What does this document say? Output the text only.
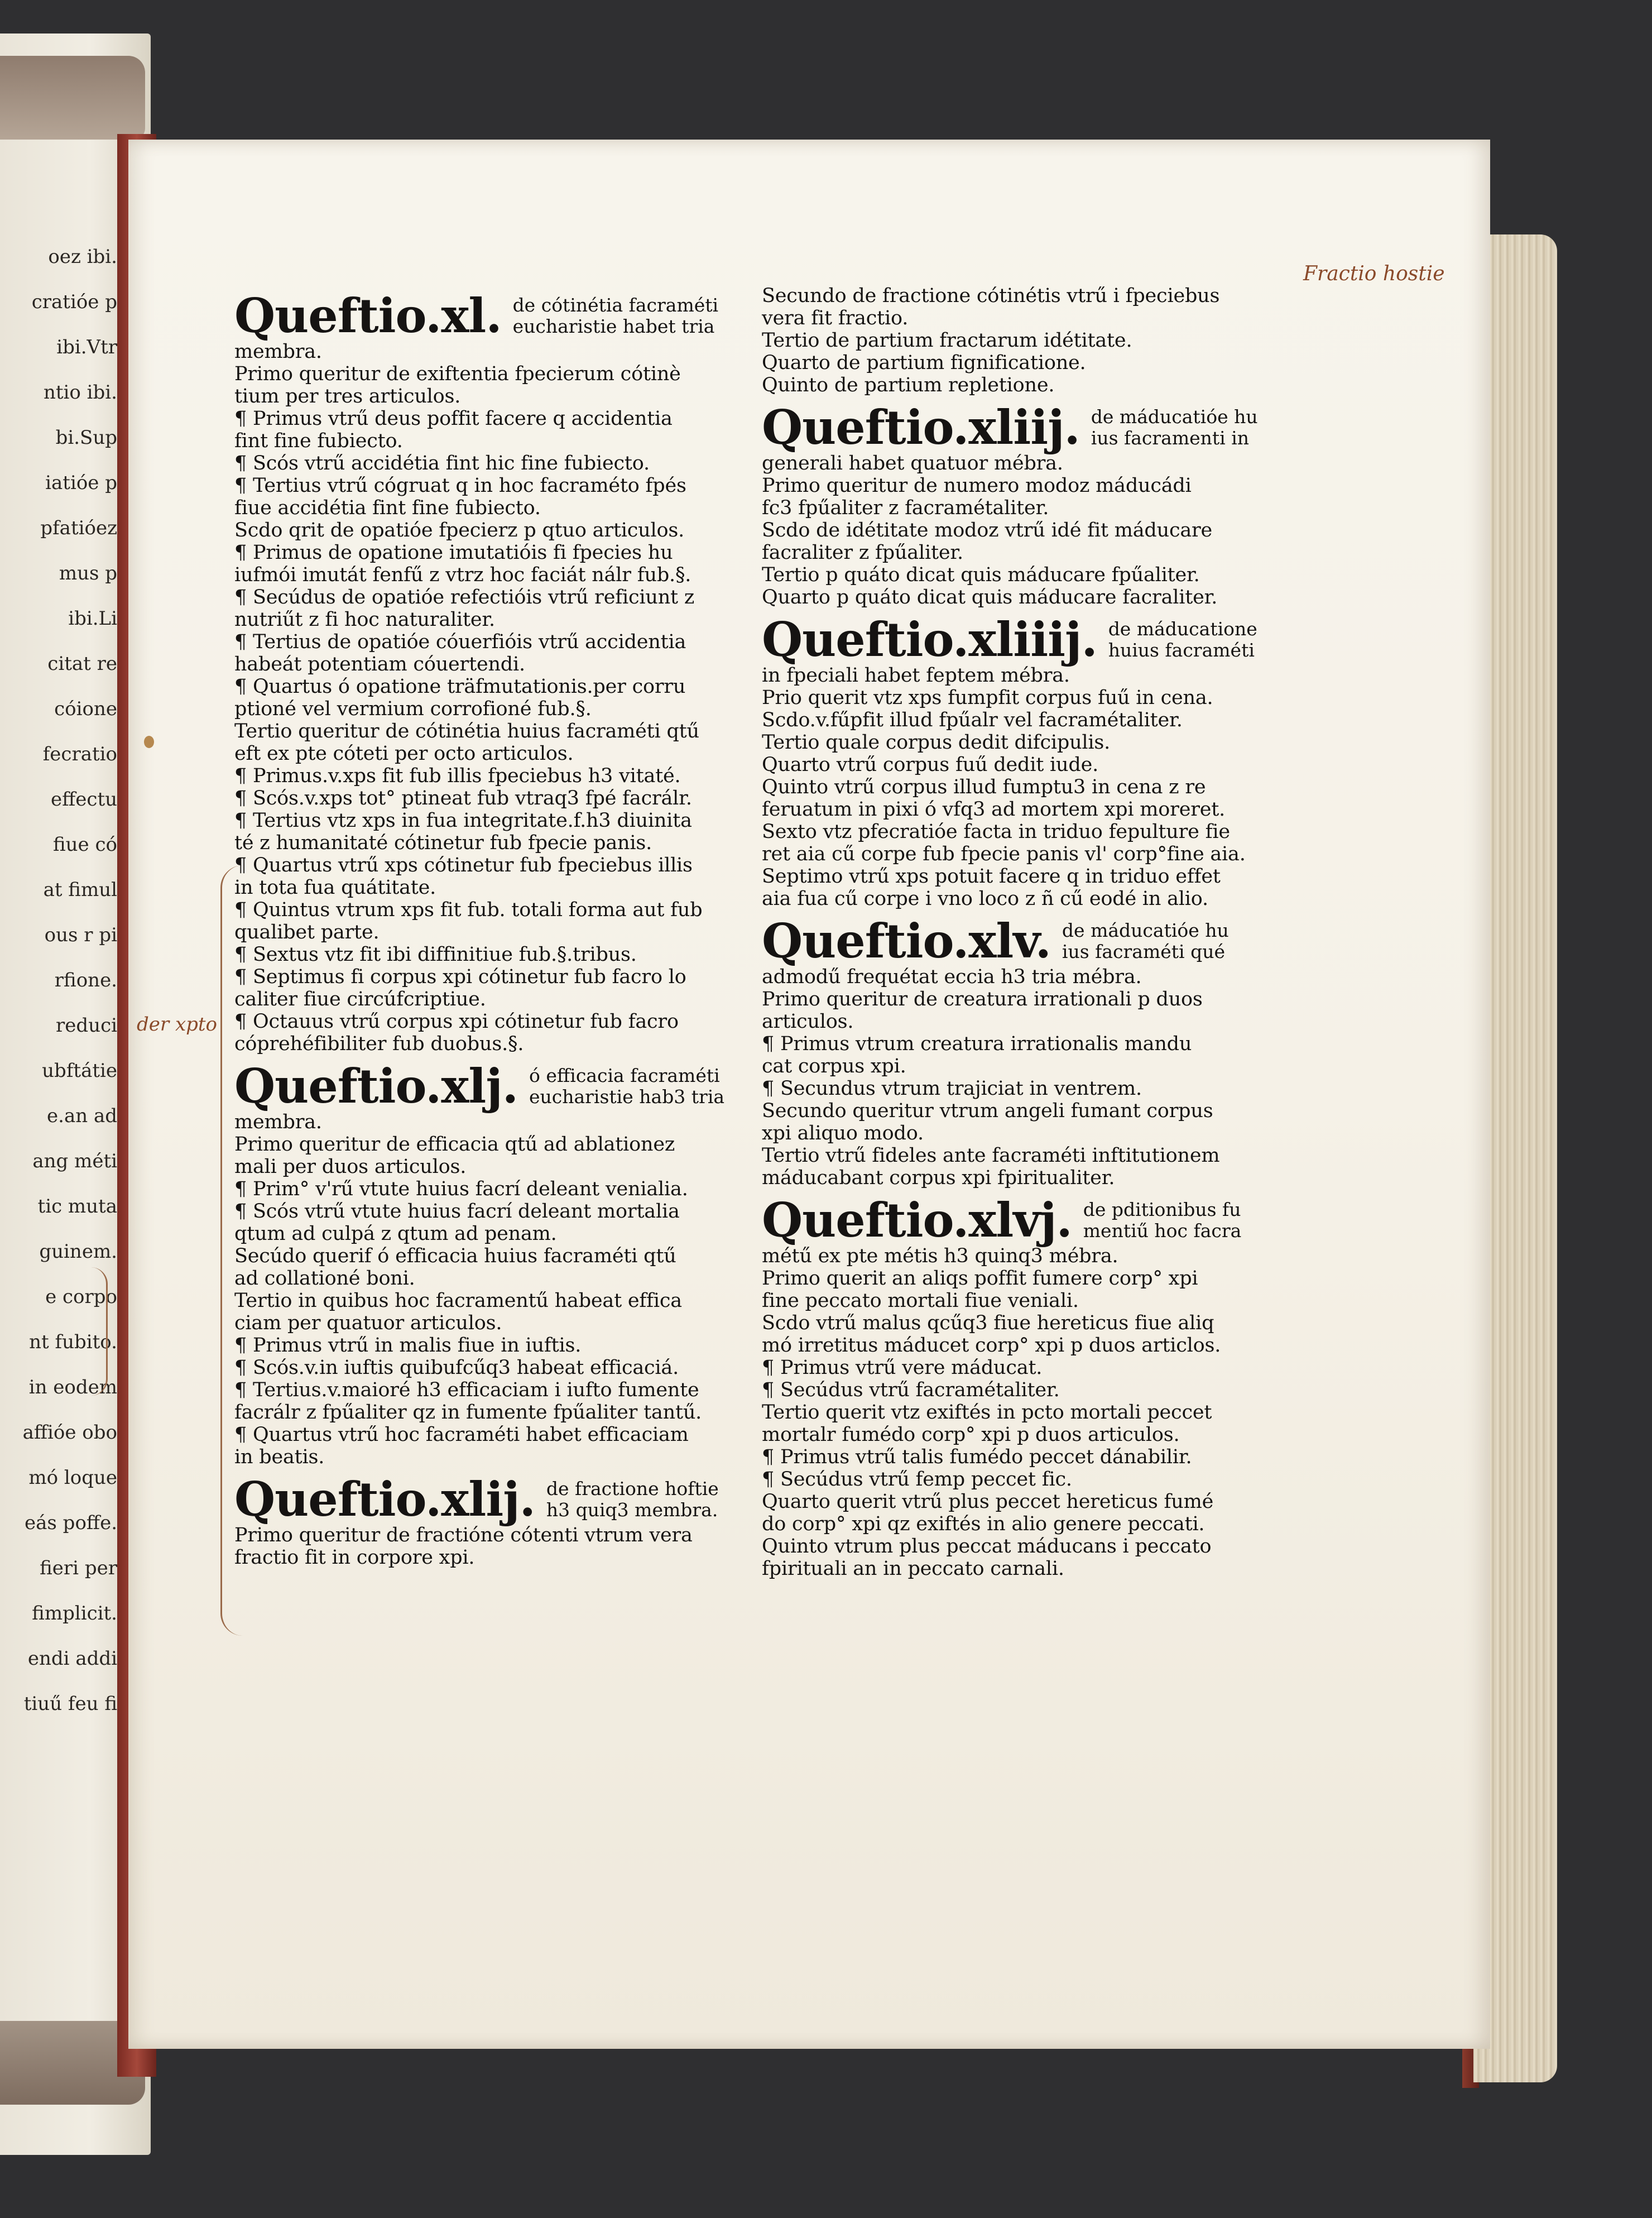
oez ibi.
cratióe p
ibi.Vtr
ntio ibi.
bi.Sup
iatióe p
pfatióez
mus p
ibi.Li
citat re
cóione
fecratio
effectu
fiue có
at fimul
ous r pi
rfione.
reduci
ubftátie
e.an ad
ang méti
tic muta
guinem.
e corpo
nt fubito.
in eodem
affióe obo
mó loque
eás poffe.
fieri per
fimplicit.
endi addi
tiuű feu fi
Fractio hostie
der xpto
Queftio.xl. de cótinétia facraméti
eucharistie habet tria
membra.
Primo queritur de exiftentia fpecierum cótinè
tium per tres articulos.
¶ Primus vtrű deus poffit facere q accidentia
fint fine fubiecto.
¶ Scós vtrű accidétia fint hic fine fubiecto.
¶ Tertius vtrű cógruat q in hoc facraméto fpés
fiue accidétia fint fine fubiecto.
Scdo qrit de opatióe fpecierz p qtuo articulos.
¶ Primus de opatione imutatióis fi fpecies hu
iufmói imutát fenfű z vtrz hoc faciát nálr fub.§.
¶ Secúdus de opatióe refectióis vtrű reficiunt z
nutriűt z fi hoc naturaliter.
¶ Tertius de opatióe cóuerfióis vtrű accidentia
habeát potentiam cóuertendi.
¶ Quartus ó opatione träfmutationis.per corru
ptioné vel vermium corrofioné fub.§.
Tertio queritur de cótinétia huius facraméti qtű
eft ex pte cóteti per octo articulos.
¶ Primus.v.xps fit fub illis fpeciebus h3 vitaté.
¶ Scós.v.xps tot° ptineat fub vtraq3 fpé facrálr.
¶ Tertius vtz xps in fua integritate.f.h3 diuinita
té z humanitaté cótinetur fub fpecie panis.
¶ Quartus vtrű xps cótinetur fub fpeciebus illis
in tota fua quátitate.
¶ Quintus vtrum xps fit fub. totali forma aut fub
qualibet parte.
¶ Sextus vtz fit ibi diffinitiue fub.§.tribus.
¶ Septimus fi corpus xpi cótinetur fub facro lo
caliter fiue circúfcriptiue.
¶ Octauus vtrű corpus xpi cótinetur fub facro
cóprehéfibiliter fub duobus.§.
Queftio.xlj. ó efficacia facraméti
eucharistie hab3 tria
membra.
Primo queritur de efficacia qtű ad ablationez
mali per duos articulos.
¶ Prim° v'rű vtute huius facrí deleant venialia.
¶ Scós vtrű vtute huius facrí deleant mortalia
qtum ad culpá z qtum ad penam.
Secúdo querif ó efficacia huius facraméti qtű
ad collationé boni.
Tertio in quibus hoc facramentű habeat effica
ciam per quatuor articulos.
¶ Primus vtrű in malis fiue in iuftis.
¶ Scós.v.in iuftis quibufcűq3 habeat efficaciá.
¶ Tertius.v.maioré h3 efficaciam i iufto fumente
facrálr z fpűaliter qz in fumente fpűaliter tantű.
¶ Quartus vtrű hoc facraméti habet efficaciam
in beatis.
Queftio.xlij. de fractione hoftie
h3 quiq3 membra.
Primo queritur de fractióne cótenti vtrum vera
fractio fit in corpore xpi.
Secundo de fractione cótinétis vtrű i fpeciebus
vera fit fractio.
Tertio de partium fractarum idétitate.
Quarto de partium fignificatione.
Quinto de partium repletione.
Queftio.xliij. de máducatióe hu
ius facramenti in
generali habet quatuor mébra.
Primo queritur de numero modoz máducádi
fc3 fpűaliter z facramétaliter.
Scdo de idétitate modoz vtrű idé fit máducare
facraliter z fpűaliter.
Tertio p quáto dicat quis máducare fpűaliter.
Quarto p quáto dicat quis máducare facraliter.
Queftio.xliiij. de máducatione
huius facraméti
in fpeciali habet feptem mébra.
Prio querit vtz xps fumpfit corpus fuű in cena.
Scdo.v.fűpfit illud fpűalr vel facramétaliter.
Tertio quale corpus dedit difcipulis.
Quarto vtrű corpus fuű dedit iude.
Quinto vtrű corpus illud fumptu3 in cena z re
feruatum in pixi ó vfq3 ad mortem xpi moreret.
Sexto vtz pfecratióe facta in triduo fepulture fie
ret aia cű corpe fub fpecie panis vl' corp°fine aia.
Septimo vtrű xps potuit facere q in triduo effet
aia fua cű corpe i vno loco z ñ cű eodé in alio.
Queftio.xlv. de máducatióe hu
ius facraméti qué
admodű frequétat eccia h3 tria mébra.
Primo queritur de creatura irrationali p duos
articulos.
¶ Primus vtrum creatura irrationalis mandu
cat corpus xpi.
¶ Secundus vtrum trajiciat in ventrem.
Secundo queritur vtrum angeli fumant corpus
xpi aliquo modo.
Tertio vtrű fideles ante facraméti inftitutionem
máducabant corpus xpi fpiritualiter.
Queftio.xlvj. de pditionibus fu
mentiű hoc facra
métű ex pte métis h3 quinq3 mébra.
Primo querit an aliqs poffit fumere corp° xpi
fine peccato mortali fiue veniali.
Scdo vtrű malus qcűq3 fiue hereticus fiue aliq
mó irretitus máducet corp° xpi p duos articlos.
¶ Primus vtrű vere máducat.
¶ Secúdus vtrű facramétaliter.
Tertio querit vtz exiftés in pcto mortali peccet
mortalr fumédo corp° xpi p duos articulos.
¶ Primus vtrű talis fumédo peccet dánabilir.
¶ Secúdus vtrű femp peccet fic.
Quarto querit vtrű plus peccet hereticus fumé
do corp° xpi qz exiftés in alio genere peccati.
Quinto vtrum plus peccat máducans i peccato
fpirituali an in peccato carnali.
